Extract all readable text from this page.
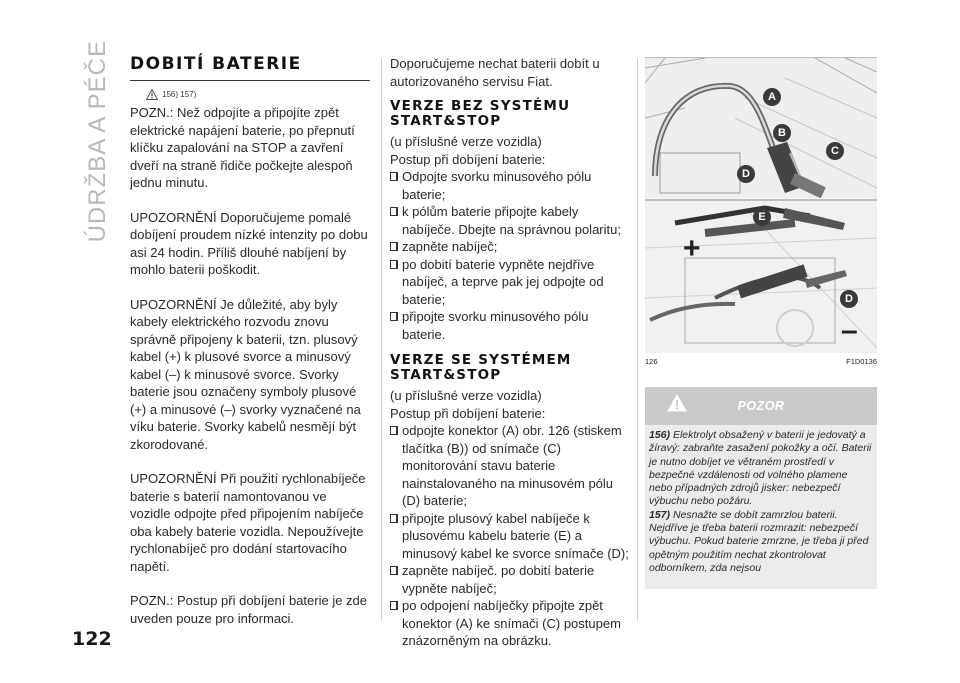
ÚDRŽBA A PÉČE
122
DOBITÍ BATERIE
156) 157)

POZN.: Než odpojíte a připojíte zpět elektrické napájení baterie, po přepnutí klíčku zapalování na STOP a zavření dveří na straně řidiče počkejte alespoň jednu minutu.

UPOZORNĚNÍ Doporučujeme pomalé dobíjení proudem nízké intenzity po dobu asi 24 hodin. Příliš dlouhé nabíjení by mohlo baterii poškodit.

UPOZORNĚNÍ Je důležité, aby byly kabely elektrického rozvodu znovu správně připojeny k baterii, tzn. plusový kabel (+) k plusové svorce a minusový kabel (–) k minusové svorce. Svorky baterie jsou označeny symboly plusové (+) a minusové (–) svorky vyznačené na víku baterie. Svorky kabelů nesmějí být zkorodované.

UPOZORNĚNÍ Při použití rychlonabíječe baterie s baterií namontovanou ve vozidle odpojte před připojením nabíječe oba kabely baterie vozidla. Nepoužívejte rychlonabíječ pro dodání startovacího napětí.

POZN.: Postup při dobíjení baterie je zde uveden pouze pro informaci.

Doporučujeme nechat baterii dobít u autorizovaného servisu Fiat.

VERZE BEZ SYSTÉMU START&STOP

(u příslušné verze vozidla)

Postup při dobíjení baterie:

Odpojte svorku minusového pólu baterie;
k pólům baterie připojte kabely nabíječe. Dbejte na správnou polaritu;
zapněte nabíječ;
po dobití baterie vypněte nejdříve nabíječ, a teprve pak jej odpojte od baterie;
připojte svorku minusového pólu baterie.
VERZE SE SYSTÉMEM START&STOP

(u příslušné verze vozidla)

Postup při dobíjení baterie:

odpojte konektor (A) obr. 126 (stiskem tlačítka (B)) od snímače (C) monitorování stavu baterie nainstalovaného na minusovém pólu (D) baterie;
připojte plusový kabel nabíječe k plusovému kabelu baterie (E) a minusový kabel ke svorce snímače (D);
zapněte nabíječ. po dobití baterie vypněte nabíječ;
po odpojení nabíječky připojte zpět konektor (A) ke snímači (C) postupem znázorněným na obrázku.
A
B
C
D
E
D
+
–
126	F1D0136
POZOR

156) Elektrolyt obsažený v baterii je jedovatý a žíravý: zabraňte zasažení pokožky a očí. Baterii je nutno dobíjet ve větraném prostředí v bezpečné vzdálenosti od volného plamene nebo případných zdrojů jisker: nebezpečí výbuchu nebo požáru.

157) Nesnažte se dobít zamrzlou baterii. Nejdříve je třeba baterii rozmrazit: nebezpečí výbuchu. Pokud baterie zmrzne, je třeba ji před opětným použitím nechat zkontrolovat odborníkem, zda nejsou
